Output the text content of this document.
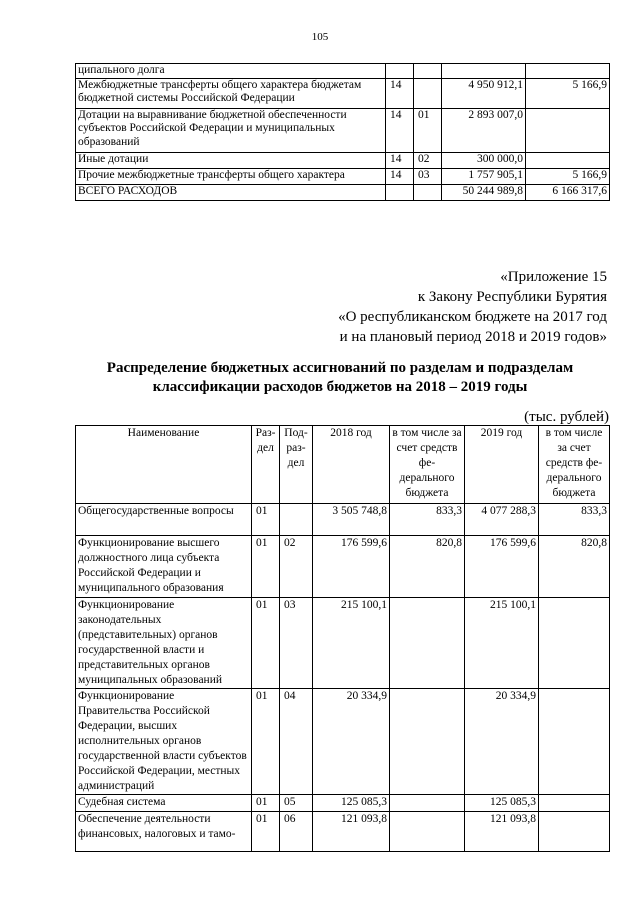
105
ципального долга				
Межбюджетные трансферты общего характера бюджетам бюджетной системы Российской Федерации	14		4 950 912,1	5 166,9
Дотации на выравнивание бюджетной обеспеченности субъектов Российской Федерации и муниципальных образований	14	01	2 893 007,0	
Иные дотации	14	02	300 000,0	
Прочие межбюджетные трансферты общего характера	14	03	1 757 905,1	5 166,9
ВСЕГО РАСХОДОВ			50 244 989,8	6 166 317,6
«Приложение 15
к Закону Республики Бурятия
«О республиканском бюджете на 2017 год
и на плановый период 2018 и 2019 годов»
Распределение бюджетных ассигнований по разделам и подразделам
классификации расходов бюджетов на 2018 – 2019 годы
(тыс. рублей)
Наименование	Раз- дел	Под- раз- дел	2018 год	в том числе за счет средств фе- дерального бюджета	2019 год	в том числе за счет средств фе- дерального бюджета
Общегосударственные вопросы	01		3 505 748,8	833,3	4 077 288,3	833,3
Функционирование высшего должностного лица субъекта Российской Федерации и муниципального образования	01	02	176 599,6	820,8	176 599,6	820,8
Функционирование законодательных (представительных) органов государственной власти и представительных органов муниципальных образований	01	03	215 100,1		215 100,1	
Функционирование Правительства Российской Федерации, высших исполнительных органов государственной власти субъектов Российской Федерации, местных администраций	01	04	20 334,9		20 334,9	
Судебная система	01	05	125 085,3		125 085,3	
Обеспечение деятельности финансовых, налоговых и тамо-	01	06	121 093,8		121 093,8	
